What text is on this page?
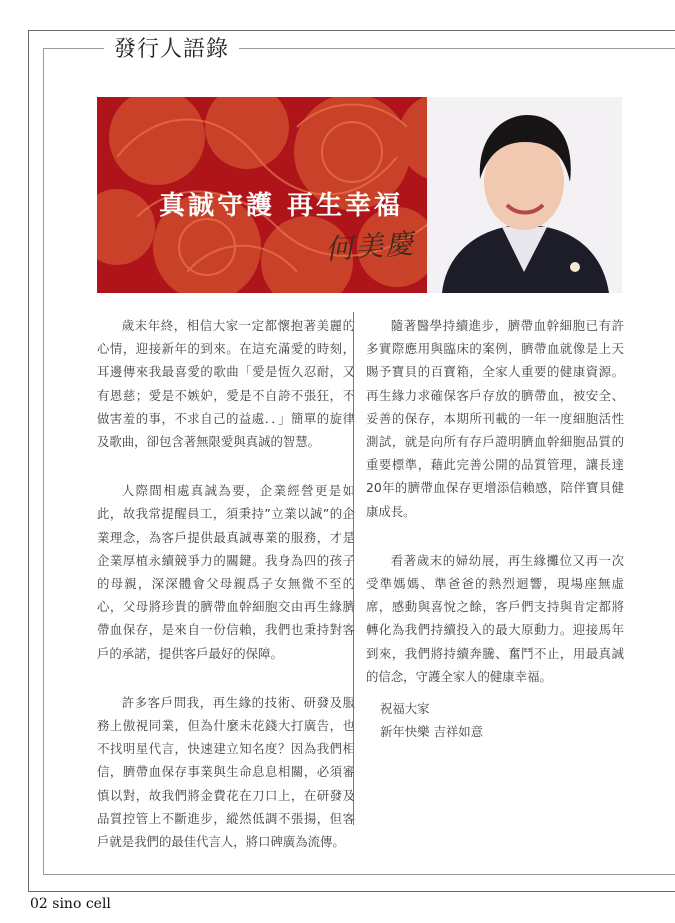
發行人語錄
真誠守護 再生幸福
何美慶

歲末年終，相信大家一定都懷抱著美麗的心情，迎接新年的到來。在這充滿愛的時刻，耳邊傳來我最喜愛的歌曲「愛是恆久忍耐，又有恩慈；愛是不嫉妒，愛是不自誇不張狂，不做害羞的事，不求自己的益處．．」簡單的旋律及歌曲，卻包含著無限愛與真誠的智慧。

人際間相處真誠為要，企業經營更是如此，故我常提醒員工，須秉持”立業以誠”的企業理念，為客戶提供最真誠專業的服務，才是企業厚植永續競爭力的關鍵。我身為四的孩子的母親，深深體會父母親爲子女無微不至的心，父母將珍貴的臍帶血幹細胞交由再生緣臍帶血保存，是來自一份信賴，我們也秉持對客戶的承諾，提供客戶最好的保障。

許多客戶問我，再生緣的技術、研發及服務上傲視同業，但為什麼未花錢大打廣告，也不找明星代言，快速建立知名度？因為我們相信，臍帶血保存事業與生命息息相關，必須審慎以對，故我們將金費花在刀口上，在研發及品質控管上不斷進步，縱然低調不張揚，但客戶就是我們的最佳代言人，將口碑廣為流傳。

隨著醫學持續進步，臍帶血幹細胞已有許多實際應用與臨床的案例，臍帶血就像是上天賜予寶貝的百寶箱，全家人重要的健康資源。再生緣力求確保客戶存放的臍帶血，被安全、妥善的保存，本期所刊載的一年一度細胞活性測試，就是向所有存戶證明臍血幹細胞品質的重要標準，藉此完善公開的品質管理，讓長達20年的臍帶血保存更增添信賴感，陪伴寶貝健康成長。

看著歲末的婦幼展，再生緣攤位又再一次受準媽媽、準爸爸的熱烈迴響，現場座無虛席，感動與喜悅之餘，客戶們支持與肯定都將轉化為我們持續投入的最大原動力。迎接馬年到來，我們將持續奔騰、奮鬥不止，用最真誠的信念，守護全家人的健康幸福。

祝福大家
新年快樂 吉祥如意
02 sino cell
